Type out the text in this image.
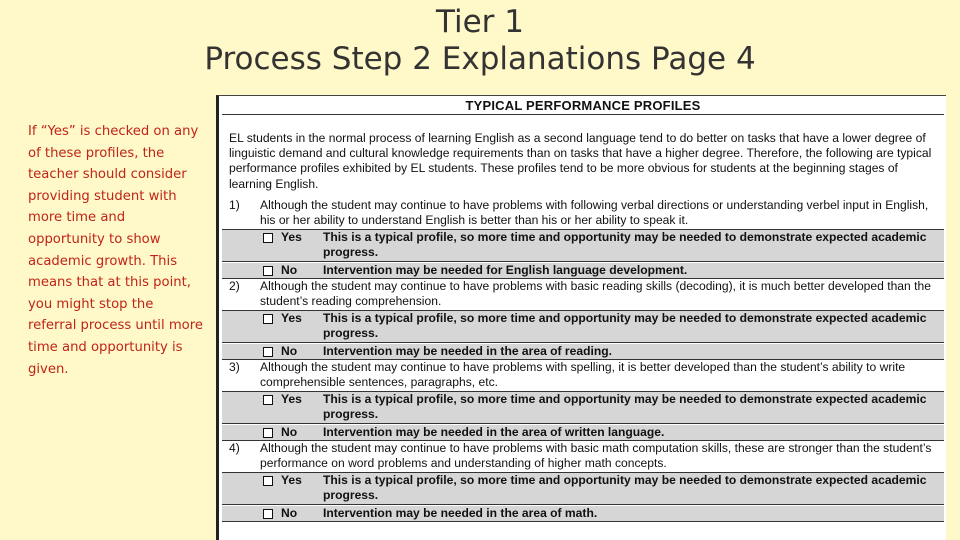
Tier 1
Process Step 2 Explanations Page 4
If “Yes” is checked on any of these profiles, the teacher should consider providing student with more time and opportunity to show academic growth. This means that at this point, you might stop the referral process until more time and opportunity is given.
TYPICAL PERFORMANCE PROFILES
EL students in the normal process of learning English as a second language tend to do better on tasks that have a lower degree of linguistic demand and cultural knowledge requirements than on tasks that have a higher degree. Therefore, the following are typical performance profiles exhibited by EL students. These profiles tend to be more obvious for students at the beginning stages of learning English.
1)	Although the student may continue to have problems with following verbal directions or understanding verbel input in English, his or her ability to understand English is better than his or her ability to speak it.
Yes	This is a typical profile, so more time and opportunity may be needed to demonstrate expected academic progress.
No	Intervention may be needed for English language development.
2)	Although the student may continue to have problems with basic reading skills (decoding), it is much better developed than the student’s reading comprehension.
Yes	This is a typical profile, so more time and opportunity may be needed to demonstrate expected academic progress.
No	Intervention may be needed in the area of reading.
3)	Although the student may continue to have problems with spelling, it is better developed than the student’s ability to write comprehensible sentences, paragraphs, etc.
Yes	This is a typical profile, so more time and opportunity may be needed to demonstrate expected academic progress.
No	Intervention may be needed in the area of written language.
4)	Although the student may continue to have problems with basic math computation skills, these are stronger than the student’s performance on word problems and understanding of higher math concepts.
Yes	This is a typical profile, so more time and opportunity may be needed to demonstrate expected academic progress.
No	Intervention may be needed in the area of math.
